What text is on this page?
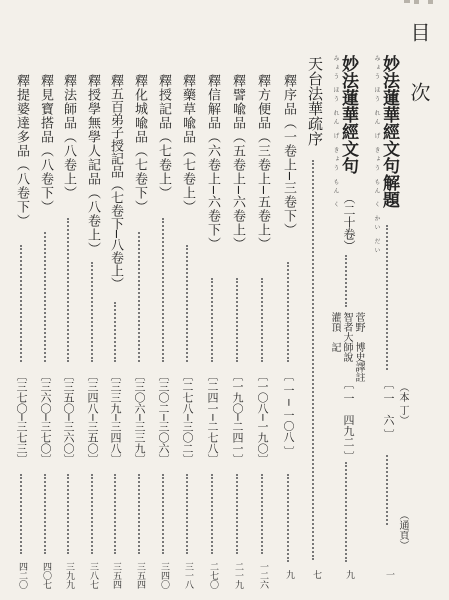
目　次
みょう ほう れん げ きょう もん く かい だい 妙法蓮華經文句解題
〔 一　六 〕 （本 丁）
（通頁）
一
みょう ほう れん げ きょう もん く 妙法蓮華經文句
（二十卷）
智者大師說
灌頂　記 菅野　博史譯註
〔 一　四九二 〕
九
天台法華疏序
七
釋序品（一卷上─三卷下）
〔 一 ─ 一〇八 〕
九
釋方便品（三卷上─五卷上）
〔一〇八─一九〇〕
一二六
釋譬喩品（五卷上─六卷上）
〔一九〇─二四一〕
二一九
釋信解品（六卷上─六卷下）
〔二四一─二七八〕
二七〇
釋藥草喩品（七卷上）
〔二七八─三〇二〕
三一八
釋授記品（七卷上）
〔三〇二─三〇六〕
三四〇
釋化城喩品（七卷下）
〔三〇六─三三九〕
三五四
釋五百弟子授記品（七卷下─八卷上）
〔三三九─三四八〕
三五四
釋授學無學人記品（八卷上）
〔三四八─三五〇〕
三八七
釋法師品（八卷上）
〔三五〇─三六〇〕
三九九
釋見寶搭品（八卷下）
〔三六〇─三七〇〕
四〇七
釋提婆達多品（八卷下）
〔三七〇─三七三〕
四二〇
